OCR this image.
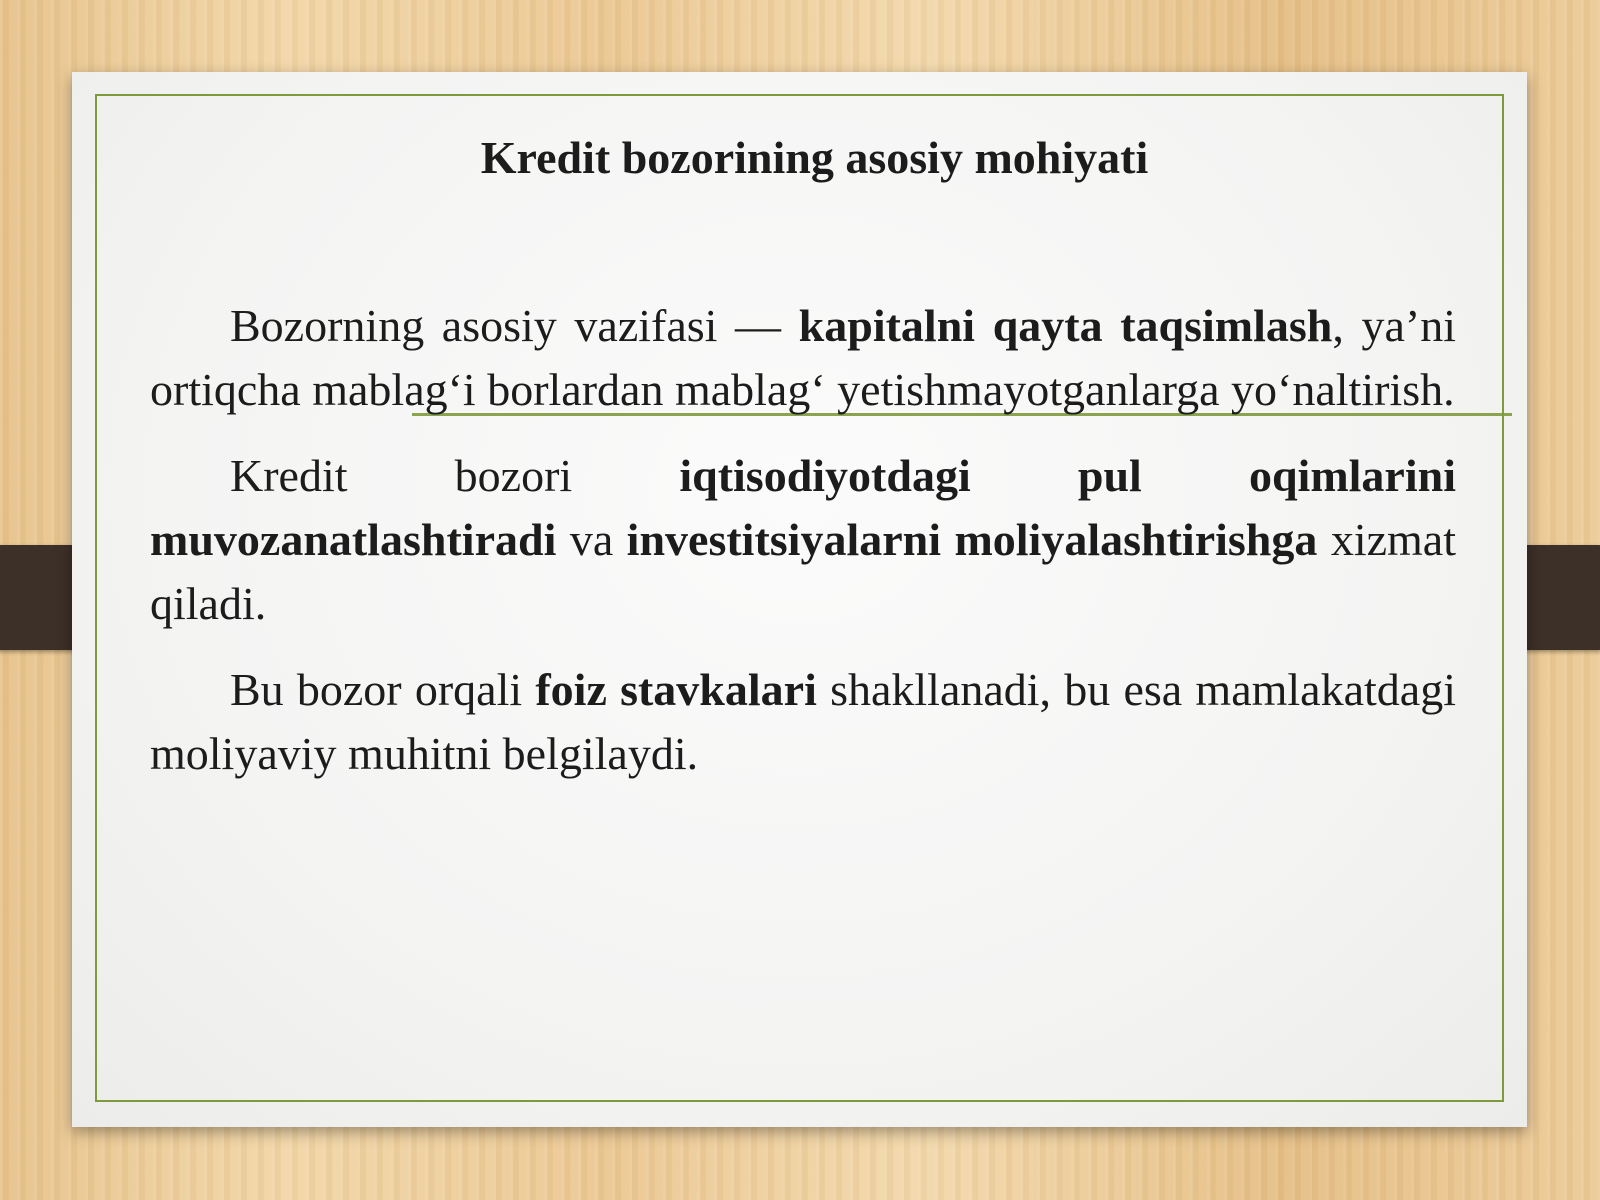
Kredit bozorining asosiy mohiyati

Bozorning asosiy vazifasi — kapitalni qayta taqsimlash, ya’ni ortiqcha mablag‘i borlardan mablag‘ yetishmayotganlarga yo‘naltirish.

Kredit bozori iqtisodiyotdagi pul oqimlarini muvozanatlashtiradi va investitsiyalarni moliyalashtirishga xizmat qiladi.

Bu bozor orqali foiz stavkalari shakllanadi, bu esa mamlakatdagi moliyaviy muhitni belgilaydi.
